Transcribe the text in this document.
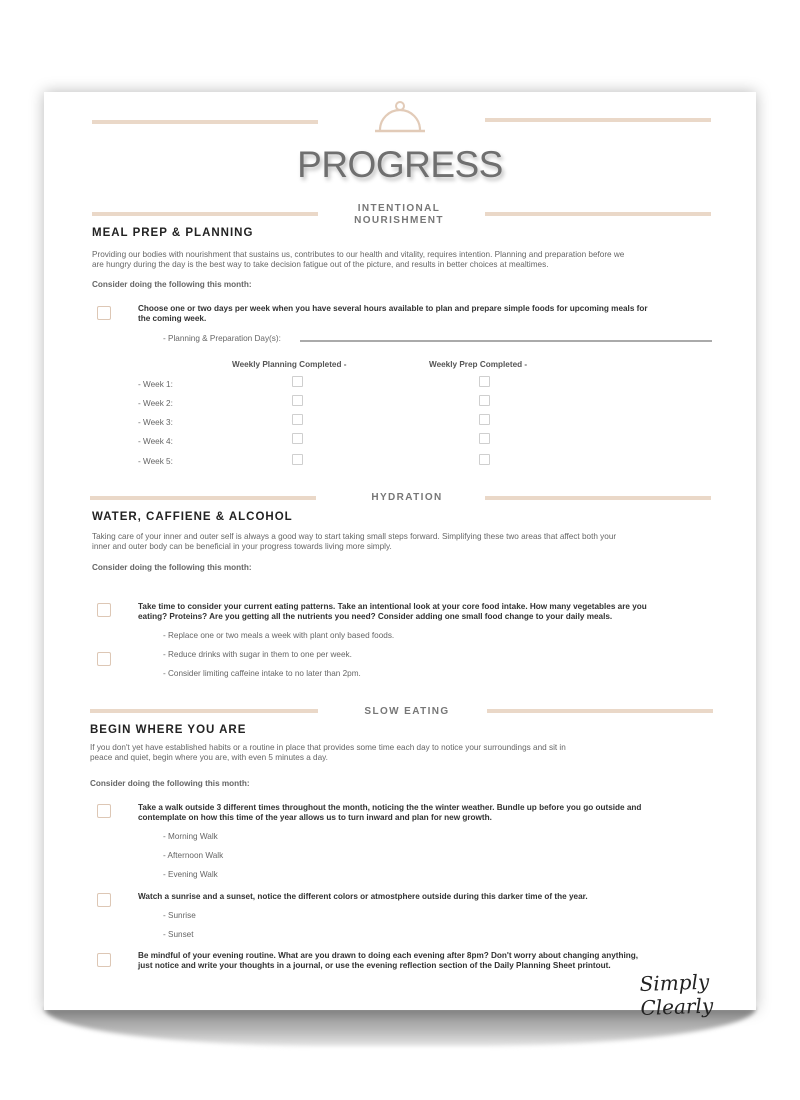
PROGRESS
INTENTIONAL
NOURISHMENT
MEAL PREP & PLANNING
Providing our bodies with nourishment that sustains us, contributes to our health and vitality, requires intention. Planning and preparation before we
are hungry during the day is the best way to take decision fatigue out of the picture, and results in better choices at mealtimes.
Consider doing the following this month:
Choose one or two days per week when you have several hours available to plan and prepare simple foods for upcoming meals for
the coming week.
- Planning & Preparation Day(s):
Weekly Planning Completed -	Weekly Prep Completed -
- Week 1:
- Week 2:
- Week 3:
- Week 4:
- Week 5:
HYDRATION
WATER, CAFFIENE & ALCOHOL
Taking care of your inner and outer self is always a good way to start taking small steps forward. Simplifying these two areas that affect both your
inner and outer body can be beneficial in your progress towards living more simply.
Consider doing the following this month:
Take time to consider your current eating patterns. Take an intentional look at your core food intake. How many vegetables are you
eating? Proteins? Are you getting all the nutrients you need? Consider adding one small food change to your daily meals.
- Replace one or two meals a week with plant only based foods.
- Reduce drinks with sugar in them to one per week.
- Consider limiting caffeine intake to no later than 2pm.
SLOW EATING
BEGIN WHERE YOU ARE
If you don't yet have established habits or a routine in place that provides some time each day to notice your surroundings and sit in
peace and quiet, begin where you are, with even 5 minutes a day.
Consider doing the following this month:
Take a walk outside 3 different times throughout the month, noticing the the winter weather. Bundle up before you go outside and
contemplate on how this time of the year allows us to turn inward and plan for new growth.
- Morning Walk
- Afternoon Walk
- Evening Walk
Watch a sunrise and a sunset, notice the different colors or atmostphere outside during this darker time of the year.
- Sunrise
- Sunset
Be mindful of your evening routine. What are you drawn to doing each evening after 8pm? Don't worry about changing anything,
just notice and write your thoughts in a journal, or use the evening reflection section of the Daily Planning Sheet printout.
Simply Clearly
